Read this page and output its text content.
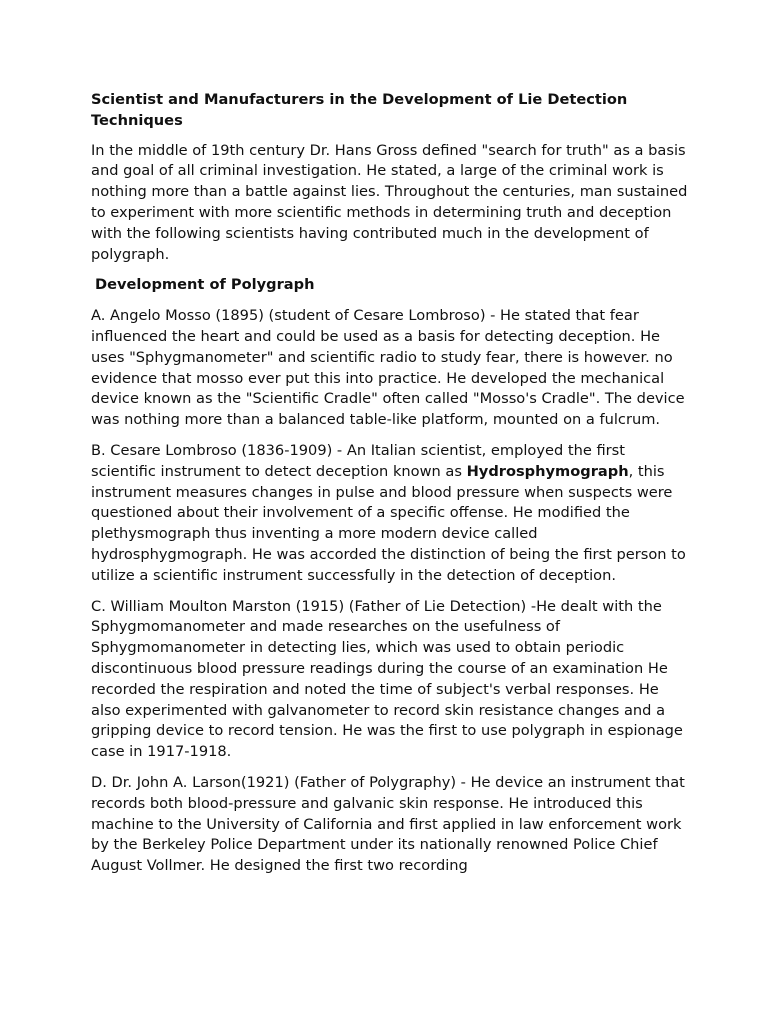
Scientist and Manufacturers in the Development of Lie Detection Techniques

In the middle of 19th century Dr. Hans Gross defined "search for truth" as a basis and goal of all criminal investigation. He stated, a large of the criminal work is nothing more than a battle against lies. Throughout the centuries, man sustained to experiment with more scientific methods in determining truth and deception with the following scientists having contributed much in the development of polygraph.

Development of Polygraph

A. Angelo Mosso (1895) (student of Cesare Lombroso) - He stated that fear influenced the heart and could be used as a basis for detecting deception. He uses "Sphygmanometer" and scientific radio to study fear, there is however. no evidence that mosso ever put this into practice. He developed the mechanical device known as the "Scientific Cradle" often called "Mosso's Cradle". The device was nothing more than a balanced table-like platform, mounted on a fulcrum.

B. Cesare Lombroso (1836-1909) - An Italian scientist, employed the first scientific instrument to detect deception known as Hydrosphymograph, this instrument measures changes in pulse and blood pressure when suspects were questioned about their involvement of a specific offense. He modified the plethysmograph thus inventing a more modern device called hydrosphygmograph. He was accorded the distinction of being the first person to utilize a scientific instrument successfully in the detection of deception.

C. William Moulton Marston (1915) (Father of Lie Detection) -He dealt with the Sphygmomanometer and made researches on the usefulness of Sphygmomanometer in detecting lies, which was used to obtain periodic discontinuous blood pressure readings during the course of an examination He recorded the respiration and noted the time of subject's verbal responses. He also experimented with galvanometer to record skin resistance changes and a gripping device to record tension. He was the first to use polygraph in espionage case in 1917-1918.

D. Dr. John A. Larson(1921) (Father of Polygraphy) - He device an instrument that records both blood-pressure and galvanic skin response. He introduced this machine to the University of California and first applied in law enforcement work by the Berkeley Police Department under its nationally renowned Police Chief August Vollmer. He designed the first two recording
